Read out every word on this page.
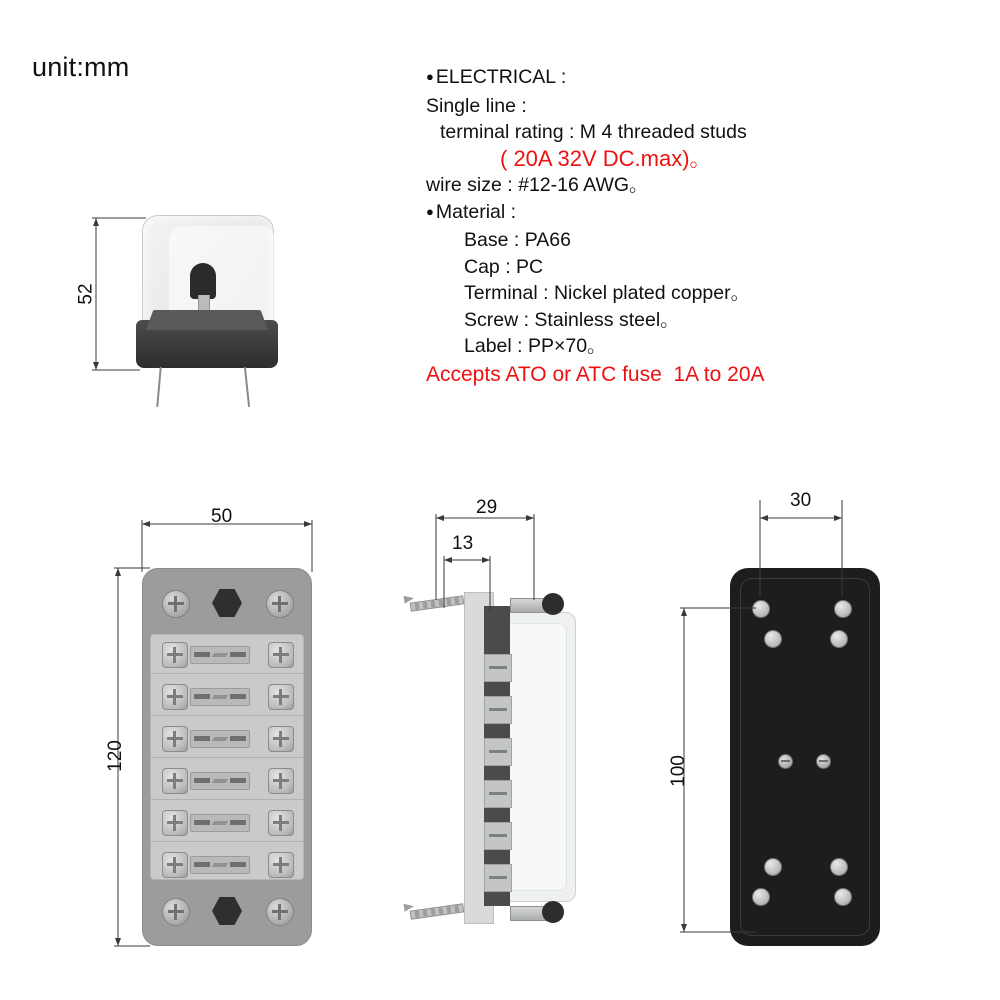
unit:mm	● ELECTRICAL :
Single line :
terminal rating : M 4 threaded studs
( 20A 32V DC.max)。
wire size : #12-16 AWG。
● Material :
Base : PA66
Cap : PC
Terminal : Nickel plated copper。
Screw : Stainless steel。
Label : PP×70。
Accepts ATO or ATC fuse  1A to 20A
52
50
120
29
13
30
100
